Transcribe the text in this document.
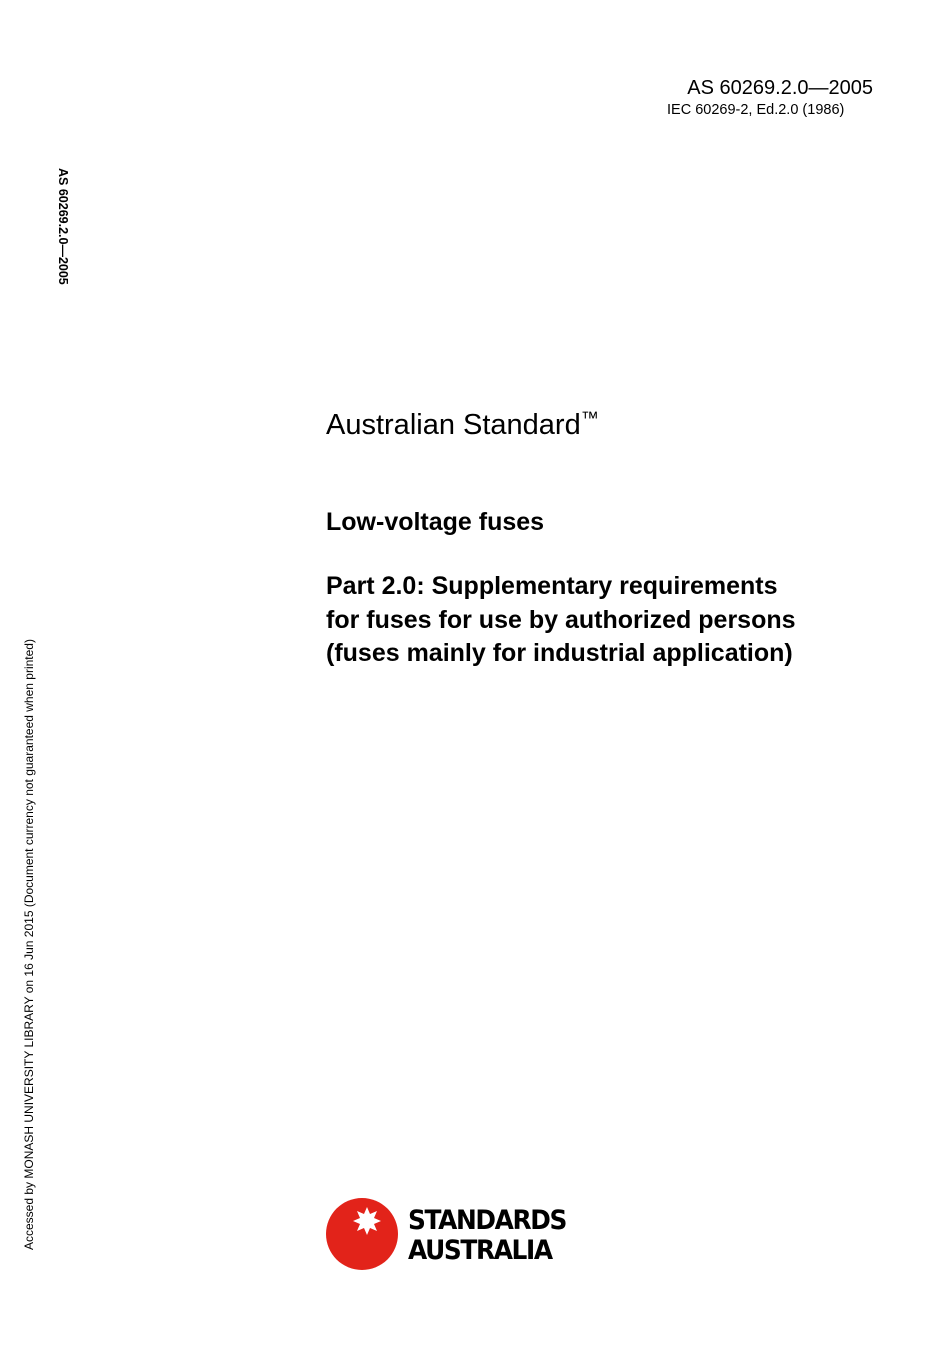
AS 60269.2.0—2005
IEC 60269-2, Ed.2.0 (1986)
AS 60269.2.0—2005
Accessed by MONASH UNIVERSITY LIBRARY on 16 Jun 2015 (Document currency not guaranteed when printed)
Australian Standard™
Low-voltage fuses
Part 2.0: Supplementary requirements
for fuses for use by authorized persons
(fuses mainly for industrial application)
STANDARDS
AUSTRALIA
